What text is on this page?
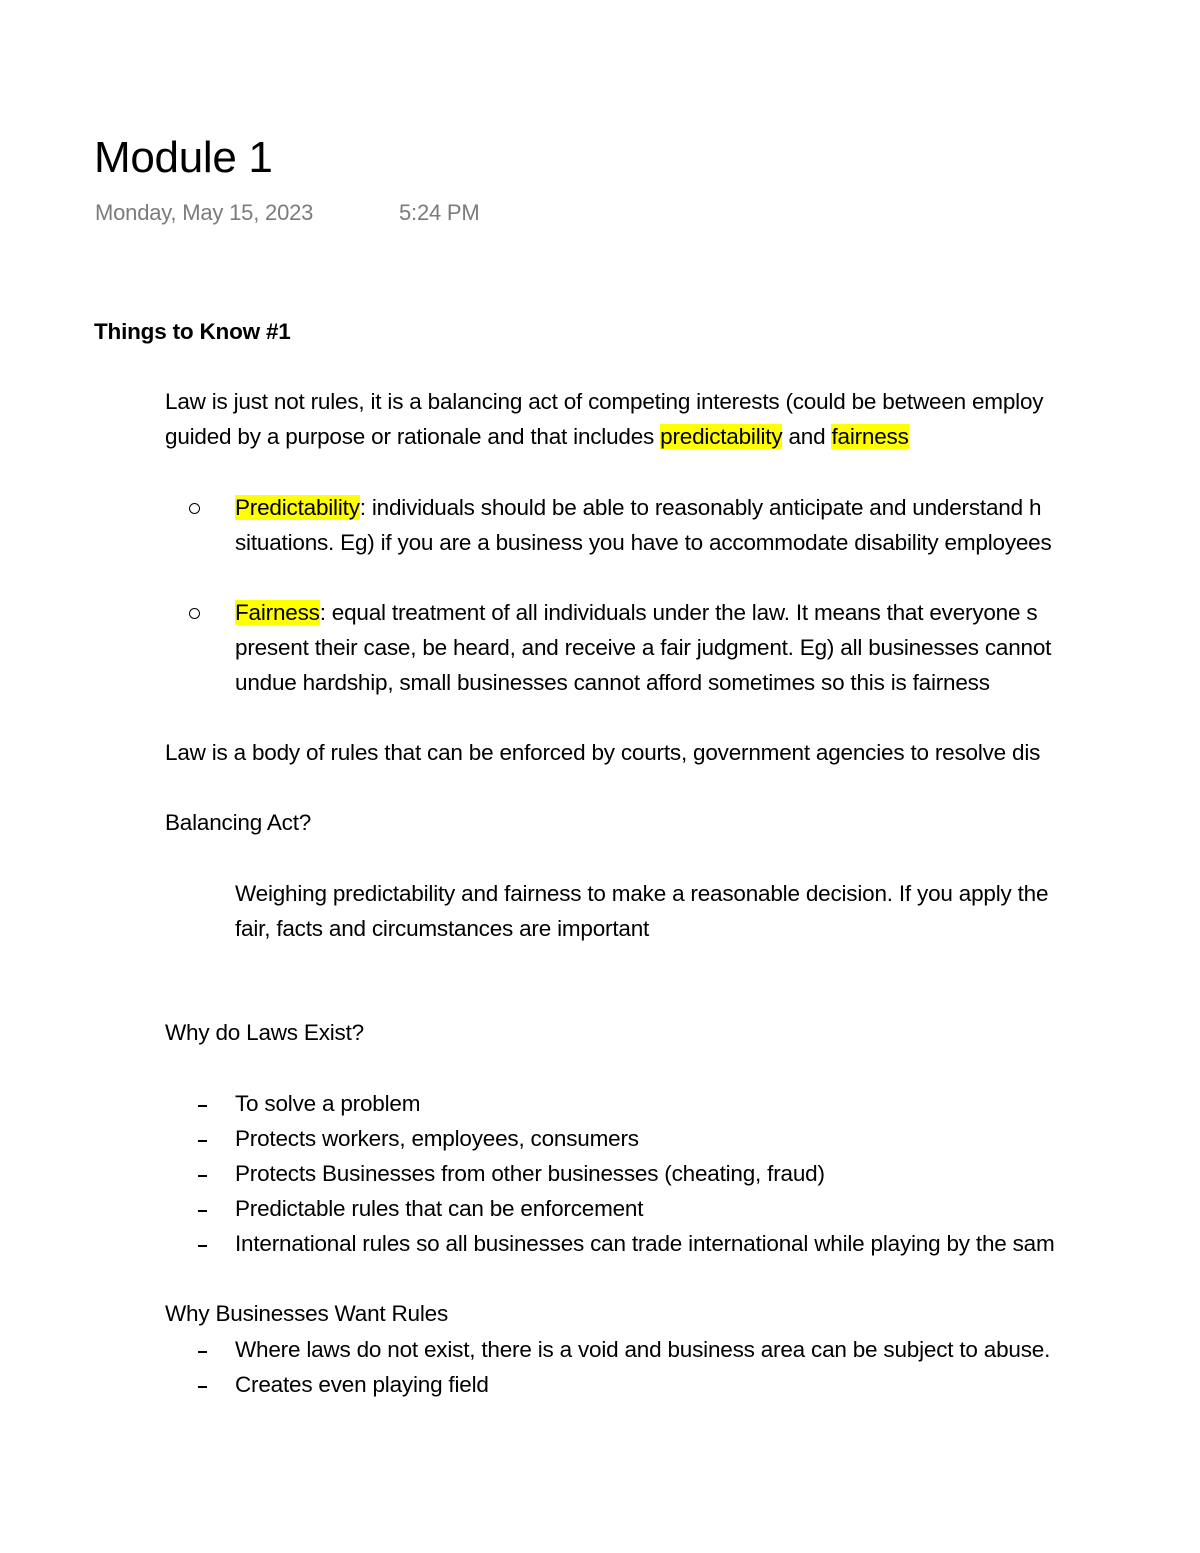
Module 1
Monday, May 15, 2023	5:24 PM
Things to Know #1
Law is just not rules, it is a balancing act of competing interests (could be between employ
guided by a purpose or rationale and that includes predictability and fairness
Predictability: individuals should be able to reasonably anticipate and understand h
situations. Eg) if you are a business you have to accommodate disability employees
Fairness: equal treatment of all individuals under the law. It means that everyone s
present their case, be heard, and receive a fair judgment. Eg) all businesses cannot
undue hardship, small businesses cannot afford sometimes so this is fairness
Law is a body of rules that can be enforced by courts, government agencies to resolve dis
Balancing Act?
Weighing predictability and fairness to make a reasonable decision. If you apply the
fair, facts and circumstances are important
Why do Laws Exist?
To solve a problem
Protects workers, employees, consumers
Protects Businesses from other businesses (cheating, fraud)
Predictable rules that can be enforcement
International rules so all businesses can trade international while playing by the sam
Why Businesses Want Rules
Where laws do not exist, there is a void and business area can be subject to abuse.
Creates even playing field
